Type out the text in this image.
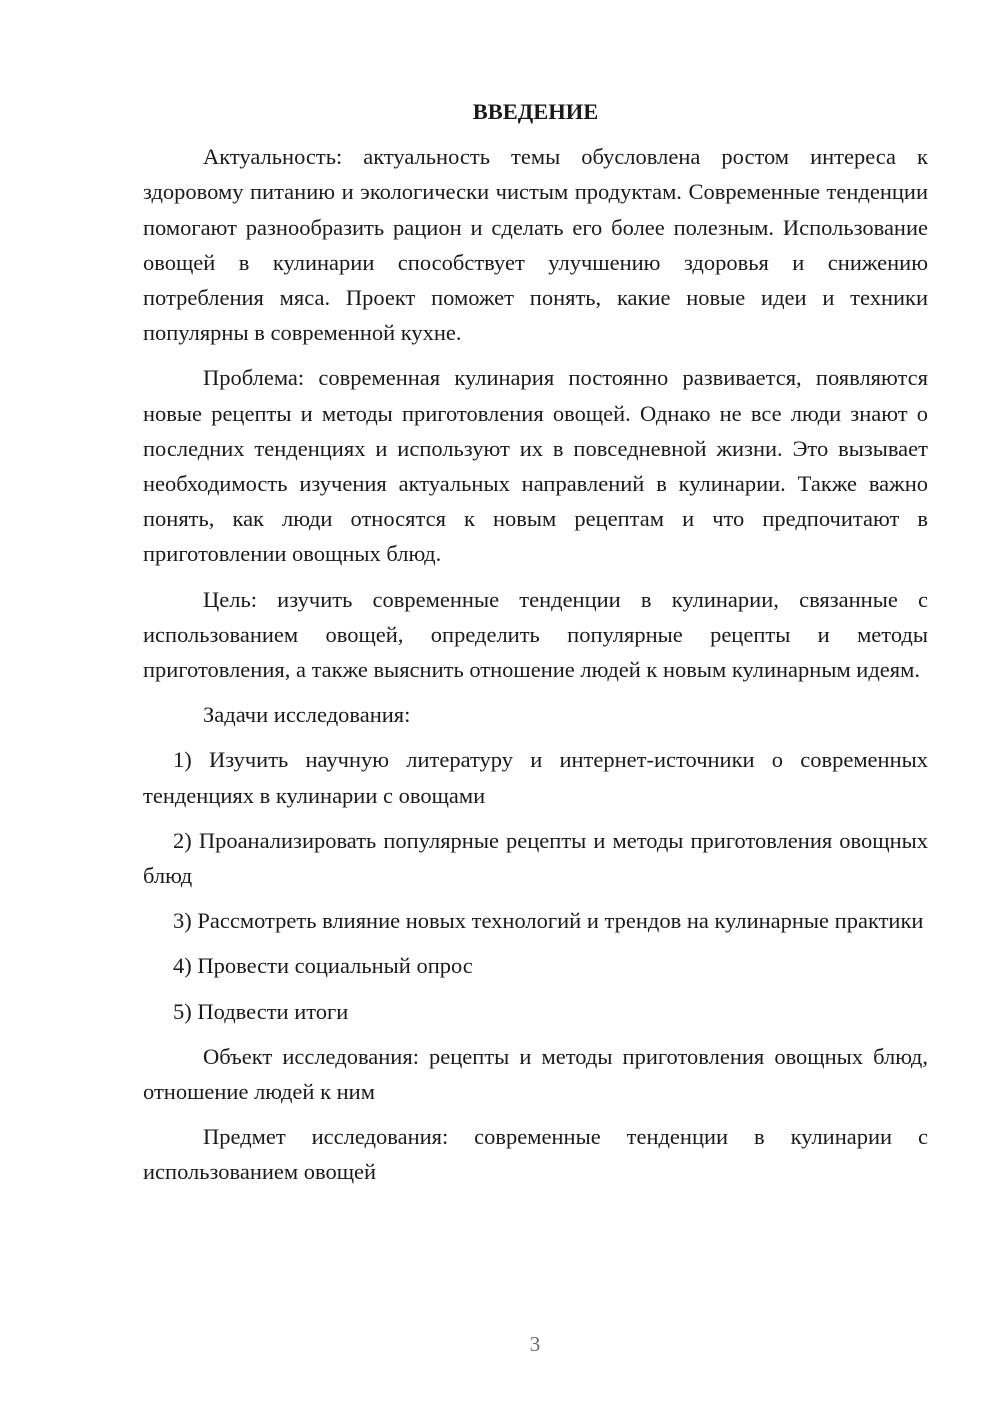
ВВЕДЕНИЕ

Актуальность: актуальность темы обусловлена ростом интереса к здоровому питанию и экологически чистым продуктам. Современные тенденции помогают разнообразить рацион и сделать его более полезным. Использование овощей в кулинарии способствует улучшению здоровья и снижению потребления мяса. Проект поможет понять, какие новые идеи и техники популярны в современной кухне.

Проблема: современная кулинария постоянно развивается, появляются новые рецепты и методы приготовления овощей. Однако не все люди знают о последних тенденциях и используют их в повседневной жизни. Это вызывает необходимость изучения актуальных направлений в кулинарии. Также важно понять, как люди относятся к новым рецептам и что предпочитают в приготовлении овощных блюд.

Цель: изучить современные тенденции в кулинарии, связанные с использованием овощей, определить популярные рецепты и методы приготовления, а также выяснить отношение людей к новым кулинарным идеям.

Задачи исследования:

1) Изучить научную литературу и интернет-источники о современных тенденциях в кулинарии с овощами

2) Проанализировать популярные рецепты и методы приготовления овощных блюд

3) Рассмотреть влияние новых технологий и трендов на кулинарные практики

4) Провести социальный опрос

5) Подвести итоги

Объект исследования: рецепты и методы приготовления овощных блюд, отношение людей к ним

Предмет исследования: современные тенденции в кулинарии с использованием овощей

3
